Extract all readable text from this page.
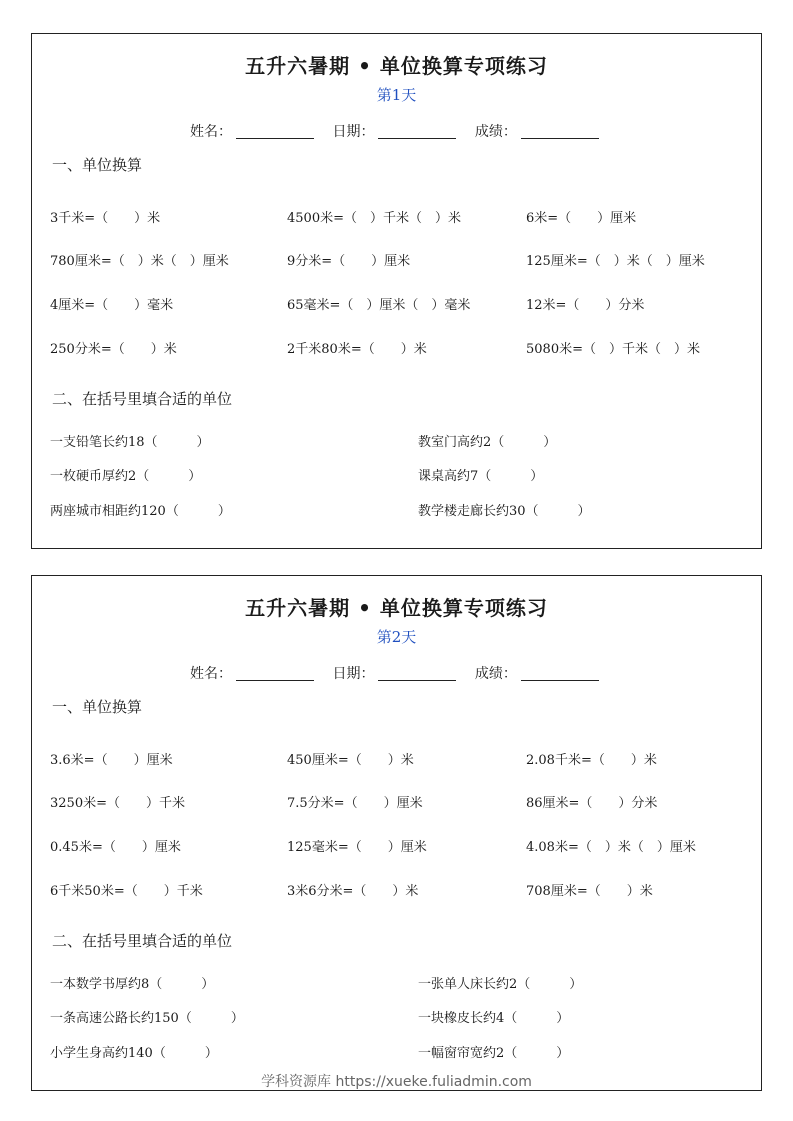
五升六暑期 • 单位换算专项练习
第1天
姓名：	日期：	成绩：
一、单位换算
3千米=（　　）米	4500米=（　）千米（　）米	6米=（　　）厘米
780厘米=（　）米（　）厘米	9分米=（　　）厘米	125厘米=（　）米（　）厘米
4厘米=（　　）毫米	65毫米=（　）厘米（　）毫米	12米=（　　）分米
250分米=（　　）米	2千米80米=（　　）米	5080米=（　）千米（　）米
二、在括号里填合适的单位
一支铅笔长约18（　　　）	教室门高约2（　　　）
一枚硬币厚约2（　　　）	课桌高约7（　　　）
两座城市相距约120（　　　）	教学楼走廊长约30（　　　）
五升六暑期 • 单位换算专项练习
第2天
姓名：	日期：	成绩：
一、单位换算
3.6米=（　　）厘米	450厘米=（　　）米	2.08千米=（　　）米
3250米=（　　）千米	7.5分米=（　　）厘米	86厘米=（　　）分米
0.45米=（　　）厘米	125毫米=（　　）厘米	4.08米=（　）米（　）厘米
6千米50米=（　　）千米	3米6分米=（　　）米	708厘米=（　　）米
二、在括号里填合适的单位
一本数学书厚约8（　　　）	一张单人床长约2（　　　）
一条高速公路长约150（　　　）	一块橡皮长约4（　　　）
小学生身高约140（　　　）	一幅窗帘宽约2（　　　）
学科资源库 https://xueke.fuliadmin.com
